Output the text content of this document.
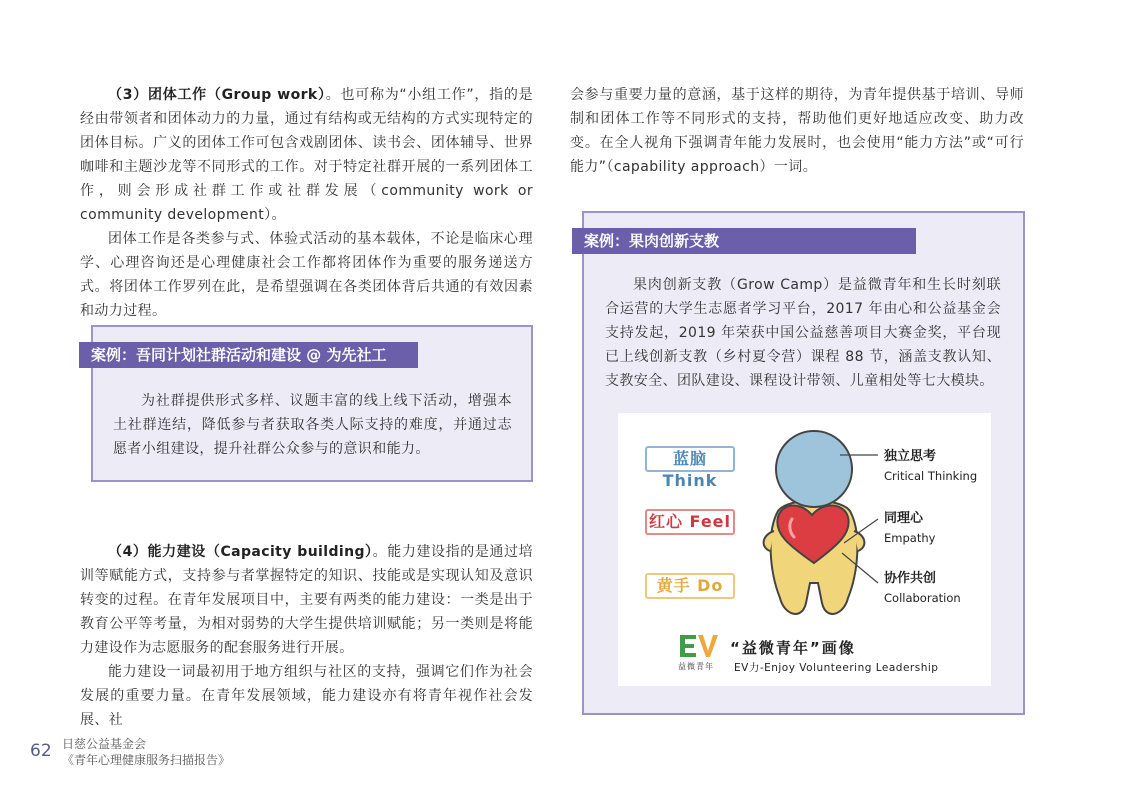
（3）团体工作（Group work）。也可称为“小组工作”，指的是经由带领者和团体动力的力量，通过有结构或无结构的方式实现特定的团体目标。广义的团体工作可包含戏剧团体、读书会、团体辅导、世界咖啡和主题沙龙等不同形式的工作。对于特定社群开展的一系列团体工作，则会形成社群工作或社群发展（community work or community development）。

团体工作是各类参与式、体验式活动的基本载体，不论是临床心理学、心理咨询还是心理健康社会工作都将团体作为重要的服务递送方式。将团体工作罗列在此，是希望强调在各类团体背后共通的有效因素和动力过程。

案例：吾同计划社群活动和建设 @ 为先社工

为社群提供形式多样、议题丰富的线上线下活动，增强本土社群连结，降低参与者获取各类人际支持的难度，并通过志愿者小组建设，提升社群公众参与的意识和能力。

（4）能力建设（Capacity building）。能力建设指的是通过培训等赋能方式，支持参与者掌握特定的知识、技能或是实现认知及意识转变的过程。在青年发展项目中，主要有两类的能力建设：一类是出于教育公平等考量，为相对弱势的大学生提供培训赋能；另一类则是将能力建设作为志愿服务的配套服务进行开展。

能力建设一词最初用于地方组织与社区的支持，强调它们作为社会发展的重要力量。在青年发展领域，能力建设亦有将青年视作社会发展、社

会参与重要力量的意涵，基于这样的期待，为青年提供基于培训、导师制和团体工作等不同形式的支持，帮助他们更好地适应改变、助力改变。在全人视角下强调青年能力发展时，也会使用“能力方法”或“可行能力”（capability approach）一词。

案例：果肉创新支教

果肉创新支教（Grow Camp）是益微青年和生长时刻联合运营的大学生志愿者学习平台，2017 年由心和公益基金会支持发起，2019 年荣获中国公益慈善项目大赛金奖，平台现已上线创新支教（乡村夏令营）课程 88 节，涵盖支教认知、支教安全、团队建设、课程设计带领、儿童相处等七大模块。

蓝脑 Think
红心 Feel
黄手 Do
独立思考
Critical Thinking
同理心
Empathy
协作共创
Collaboration
益微青年
“益微青年”画像
EV力-Enjoy Volunteering Leadership
62 日慈公益基金会
《青年心理健康服务扫描报告》
